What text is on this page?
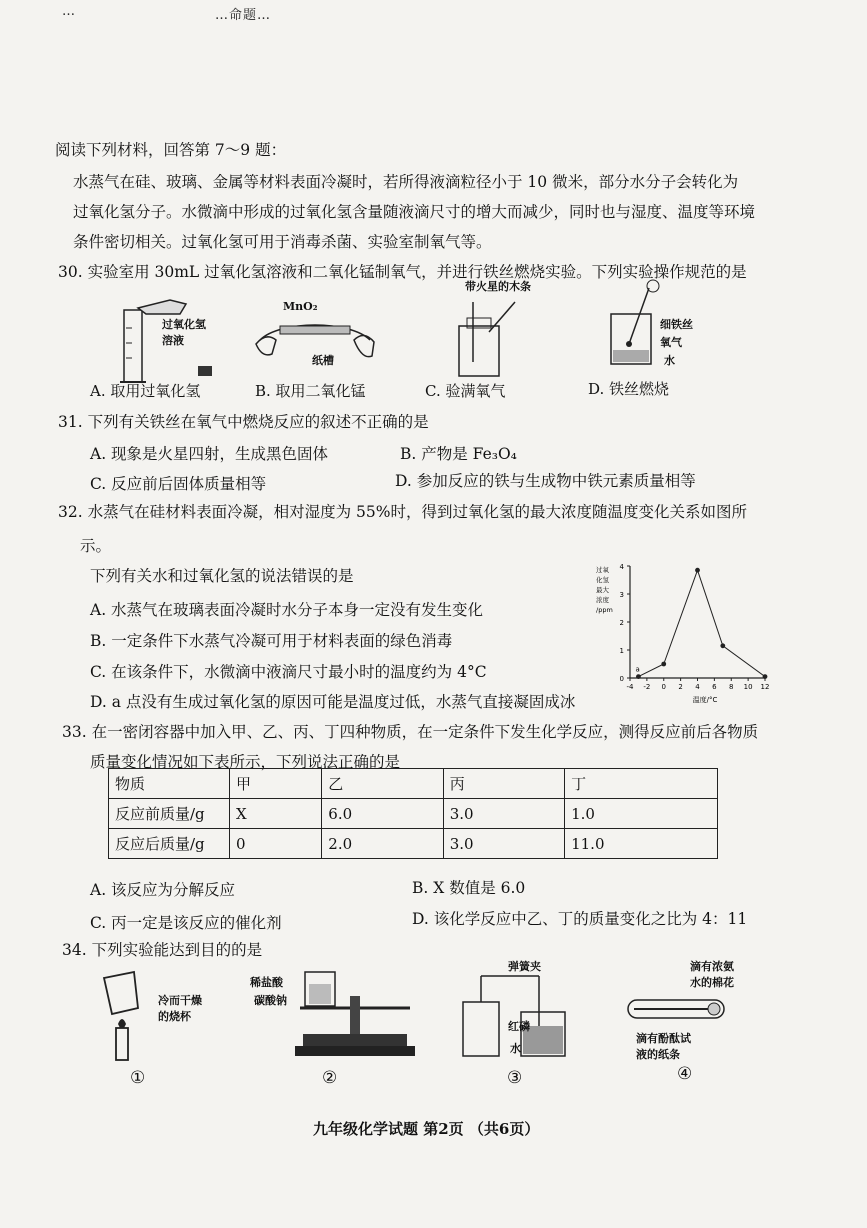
…	…命题…
阅读下列材料，回答第 7～9 题：
水蒸气在硅、玻璃、金属等材料表面冷凝时，若所得液滴粒径小于 10 微米，部分水分子会转化为
过氧化氢分子。水微滴中形成的过氧化氢含量随液滴尺寸的增大而减少，同时也与湿度、温度等环境
条件密切相关。过氧化氢可用于消毒杀菌、实验室制氧气等。
30. 实验室用 30mL 过氧化氢溶液和二氧化锰制氧气，并进行铁丝燃烧实验。下列实验操作规范的是
过氧化氢
溶液
MnO₂
纸槽
带火星的木条
细铁丝
氧气
水
A. 取用过氧化氢	B. 取用二氧化锰	C. 验满氧气	D. 铁丝燃烧
31. 下列有关铁丝在氧气中燃烧反应的叙述不正确的是
A. 现象是火星四射，生成黑色固体	B. 产物是 Fe₃O₄
C. 反应前后固体质量相等	D. 参加反应的铁与生成物中铁元素质量相等
32. 水蒸气在硅材料表面冷凝，相对湿度为 55%时，得到过氧化氢的最大浓度随温度变化关系如图所
示。
下列有关水和过氧化氢的说法错误的是
A. 水蒸气在玻璃表面冷凝时水分子本身一定没有发生变化
B. 一定条件下水蒸气冷凝可用于材料表面的绿色消毒
C. 在该条件下，水微滴中液滴尺寸最小时的温度约为 4°C
D. a 点没有生成过氧化氢的原因可能是温度过低，水蒸气直接凝固成冰
0
1
2
3
4
-4 -2 0 2 4 6 8 10 12
a
过氧化氢最大浓度/ppm
温度/°C
33. 在一密闭容器中加入甲、乙、丙、丁四种物质，在一定条件下发生化学反应，测得反应前后各物质
质量变化情况如下表所示，下列说法正确的是
物质	甲	乙	丙	丁
反应前质量/g	X	6.0	3.0	1.0
反应后质量/g	0	2.0	3.0	11.0
A. 该反应为分解反应	B. X 数值是 6.0
C. 丙一定是该反应的催化剂	D. 该化学反应中乙、丁的质量变化之比为 4：11
34. 下列实验能达到目的的是
冷而干燥
的烧杯
①
稀盐酸
碳酸钠
②
弹簧夹
红磷
水
③
滴有浓氨
水的棉花
滴有酚酞试
液的纸条
④
九年级化学试题 第2页 （共6页）
